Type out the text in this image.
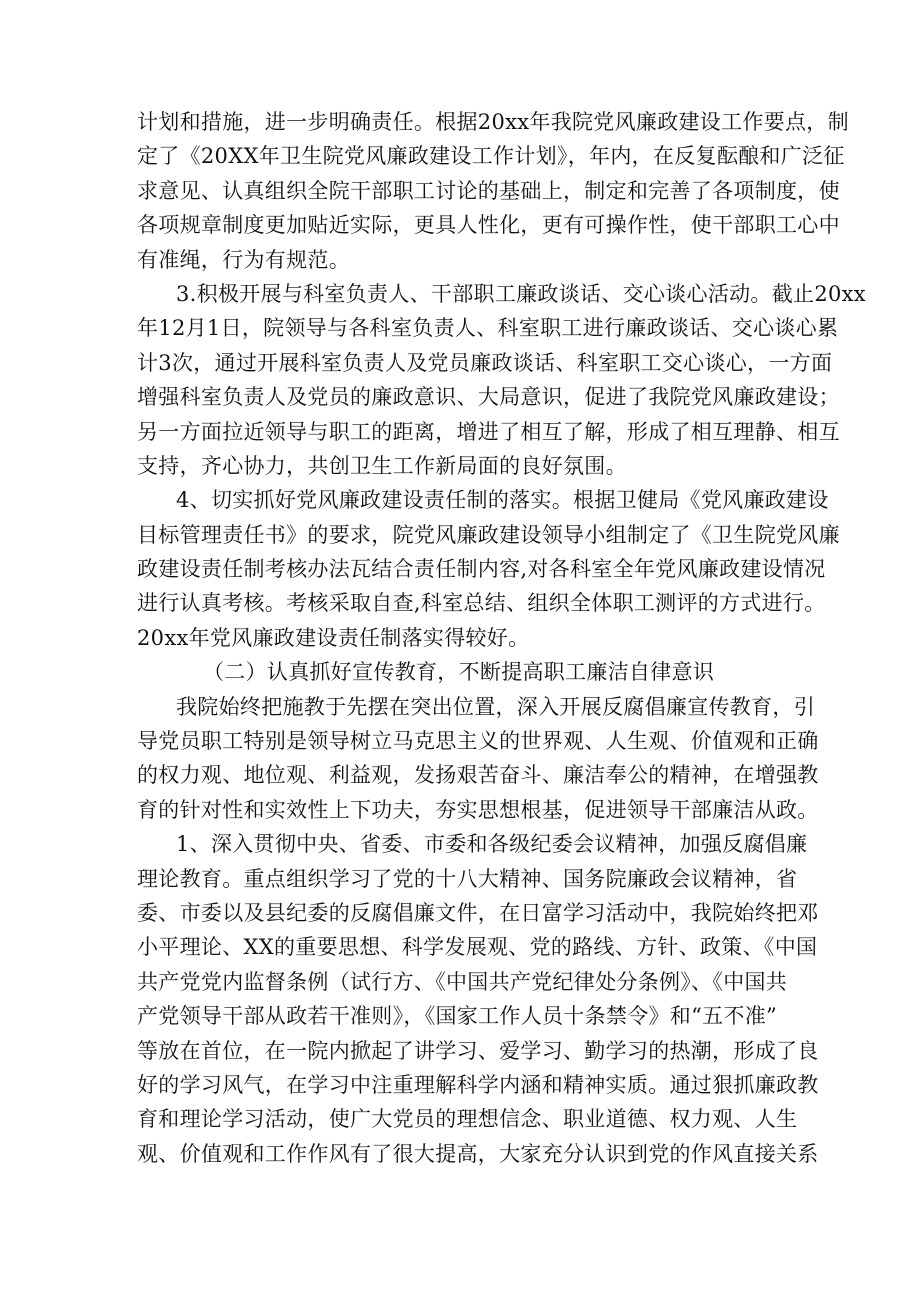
计划和措施，进一步明确责任。根据20xx年我院党风廉政建设工作要点，制
定了《20XX年卫生院党风廉政建设工作计划》，年内，在反复酝酿和广泛征
求意见、认真组织全院干部职工讨论的基础上，制定和完善了各项制度，使
各项规章制度更加贴近实际，更具人性化，更有可操作性，使干部职工心中
有准绳，行为有规范。
3.积极开展与科室负责人、干部职工廉政谈话、交心谈心活动。截止20xx
年12月1日，院领导与各科室负责人、科室职工进行廉政谈话、交心谈心累
计3次，通过开展科室负责人及党员廉政谈话、科室职工交心谈心，一方面
增强科室负责人及党员的廉政意识、大局意识，促进了我院党风廉政建设；
另一方面拉近领导与职工的距离，增进了相互了解，形成了相互理静、相互
支持，齐心协力，共创卫生工作新局面的良好氛围。
4、切实抓好党风廉政建设责任制的落实。根据卫健局《党风廉政建设
目标管理责任书》的要求，院党风廉政建设领导小组制定了《卫生院党风廉
政建设责任制考核办法瓦结合责任制内容,对各科室全年党风廉政建设情况
进行认真考核。考核采取自查,科室总结、组织全体职工测评的方式进行。
20xx年党风廉政建设责任制落实得较好。
（二）认真抓好宣传教育，不断提高职工廉洁自律意识
我院始终把施教于先摆在突出位置，深入开展反腐倡廉宣传教育，引
导党员职工特别是领导树立马克思主义的世界观、人生观、价值观和正确
的权力观、地位观、利益观，发扬艰苦奋斗、廉洁奉公的精神，在增强教
育的针对性和实效性上下功夫，夯实思想根基，促进领导干部廉洁从政。
1、深入贯彻中央、省委、市委和各级纪委会议精神，加强反腐倡廉
理论教育。重点组织学习了党的十八大精神、国务院廉政会议精神，省
委、市委以及县纪委的反腐倡廉文件，在日富学习活动中，我院始终把邓
小平理论、XX的重要思想、科学发展观、党的路线、方针、政策、《中国
共产党党内监督条例（试行方、《中国共产党纪律处分条例》、《中国共
产党领导干部从政若干准则》，《国家工作人员十条禁令》和“五不准”
等放在首位，在一院内掀起了讲学习、爱学习、勤学习的热潮，形成了良
好的学习风气，在学习中注重理解科学内涵和精神实质。通过狠抓廉政教
育和理论学习活动，使广大党员的理想信念、职业道德、权力观、人生
观、价值观和工作作风有了很大提高，大家充分认识到党的作风直接关系
